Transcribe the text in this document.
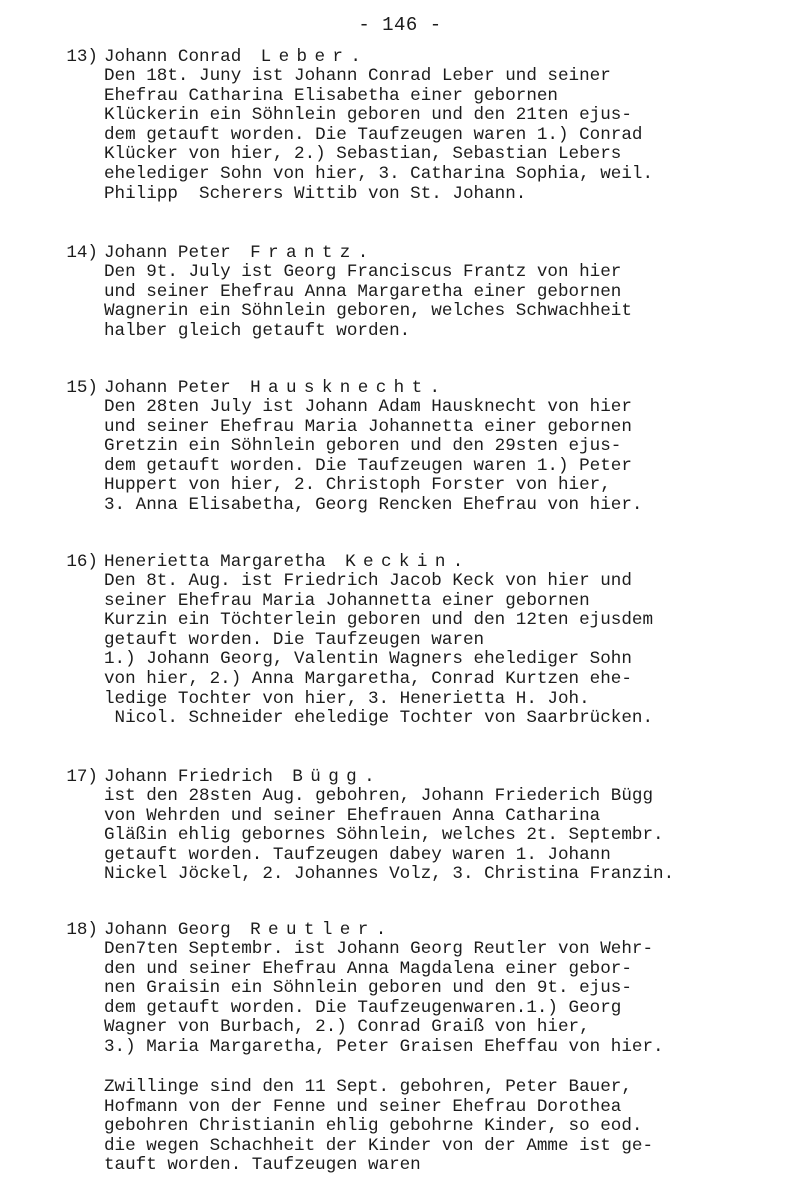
- 146 -
13) Johann Conrad Leber.
Den 18t. Juny ist Johann Conrad Leber und seiner
Ehefrau Catharina Elisabetha einer gebornen
Klückerin ein Söhnlein geboren und den 21ten ejus-
dem getauft worden. Die Taufzeugen waren 1.) Conrad
Klücker von hier, 2.) Sebastian, Sebastian Lebers
ehelediger Sohn von hier, 3. Catharina Sophia, weil.
Philipp  Scherers Wittib von St. Johann.
14) Johann Peter Frantz.
Den 9t. July ist Georg Franciscus Frantz von hier
und seiner Ehefrau Anna Margaretha einer gebornen
Wagnerin ein Söhnlein geboren, welches Schwachheit
halber gleich getauft worden.
15) Johann Peter Hausknecht.
Den 28ten July ist Johann Adam Hausknecht von hier
und seiner Ehefrau Maria Johannetta einer gebornen
Gretzin ein Söhnlein geboren und den 29sten ejus-
dem getauft worden. Die Taufzeugen waren 1.) Peter
Huppert von hier, 2. Christoph Forster von hier,
3. Anna Elisabetha, Georg Rencken Ehefrau von hier.
16) Henerietta Margaretha Keckin.
Den 8t. Aug. ist Friedrich Jacob Keck von hier und
seiner Ehefrau Maria Johannetta einer gebornen
Kurzin ein Töchterlein geboren und den 12ten ejusdem
getauft worden. Die Taufzeugen waren
1.) Johann Georg, Valentin Wagners ehelediger Sohn
von hier, 2.) Anna Margaretha, Conrad Kurtzen ehe-
ledige Tochter von hier, 3. Henerietta H. Joh.
Nicol. Schneider eheledige Tochter von Saarbrücken.
17) Johann Friedrich Bügg.
ist den 28sten Aug. gebohren, Johann Friederich Bügg
von Wehrden und seiner Ehefrauen Anna Catharina
Gläßin ehlig gebornes Söhnlein, welches 2t. Septembr.
getauft worden. Taufzeugen dabey waren 1. Johann
Nickel Jöckel, 2. Johannes Volz, 3. Christina Franzin.
18) Johann Georg Reutler.
Den7ten Septembr. ist Johann Georg Reutler von Wehr-
den und seiner Ehefrau Anna Magdalena einer gebor-
nen Graisin ein Söhnlein geboren und den 9t. ejus-
dem getauft worden. Die Taufzeugenwaren.1.) Georg
Wagner von Burbach, 2.) Conrad Graiß von hier,
3.) Maria Margaretha, Peter Graisen Eheffau von hier.
Zwillinge sind den 11 Sept. gebohren, Peter Bauer,
Hofmann von der Fenne und seiner Ehefrau Dorothea
gebohren Christianin ehlig gebohrne Kinder, so eod.
die wegen Schachheit der Kinder von der Amme ist ge-
tauft worden. Taufzeugen waren
